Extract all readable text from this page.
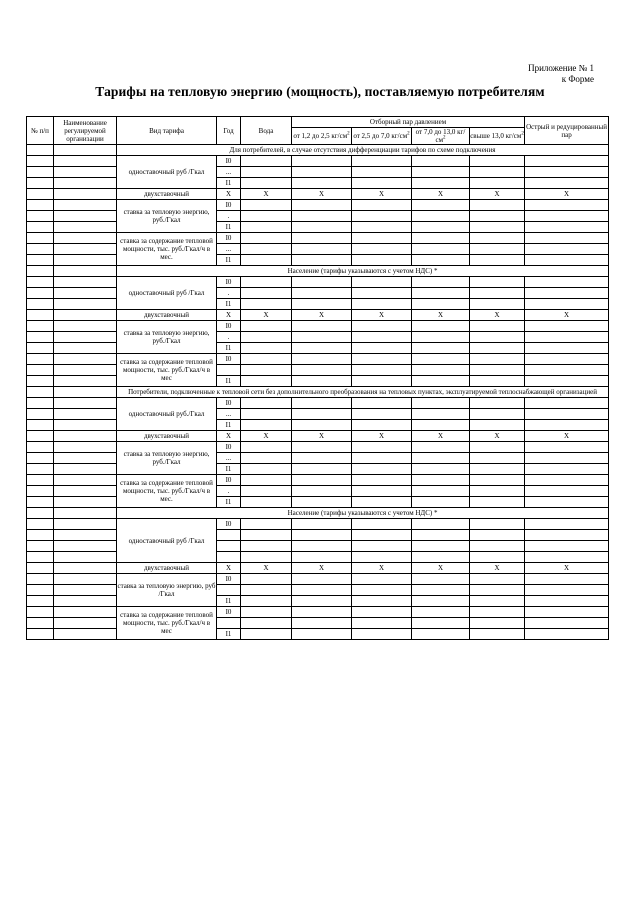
Приложение № 1
к Форме
Тарифы на тепловую энергию (мощность), поставляемую потребителям
№ п/п	Наименование регулируемой организации	Вид тарифа	Год	Вода	Отборный пар давлением				Острый и редуцированный пар
					от 1,2 до 2,5 $кг/см^2$	от 2,5 до 7,0 $кг/см^2$	от 7,0 до 13,0 $кг/см^2$	свыше 13,0 $кг/см^2$
		Для потребителей, в случае отсутствия дифференциации тарифов по схеме подключения							
		одноставочный руб /Гкал	I0						
			...						
			I1						
		двухставочный	X	X	X	X	X	X	X
		ставка за тепловую энергию, руб./Гкал	I0						
			.						
			I1						
		ставка за содержание тепловой мощности, тыс. руб./Гкал/ч в мес.	I0						
			...						
			I1						
		Население (тарифы указываются с учетом НДС) *							
		одноставочный руб /Гкал	I0						
			.						
			I1						
		двухставочный	X	X	X	X	X	X	X
		ставка за тепловую энергию, руб./Гкал	I0						
			.						
			I1						
		ставка за содержание тепловой мощности, тыс. руб./Гкал/ч в мес	I0						

			I1						
		Потребители, подключенные к тепловой сети без дополнительного преобразования на тепловых пунктах, эксплуатируемой теплоснабжающей организацией							
		одноставочный руб./Гкал	I0						
			...						
			I1						
		двухставочный	X	X	X	X	X	X	X
		ставка за тепловую энергию, руб./Гкал	I0						
			...						
			I1						
		ставка за содержание тепловой мощности, тыс. руб./Гкал/ч в мес.	I0						
			.						
			I1						
		Население (тарифы указываются с учетом НДС) *							
		одноставочный руб /Гкал	I0						

		двухставочный	X	X	X	X	X	X	X
		ставка за тепловую энергию, руб /Гкал	I0						

			I1						
		ставка за содержание тепловой мощности, тыс. руб./Гкал/ч в мес	I0						

			I1						
